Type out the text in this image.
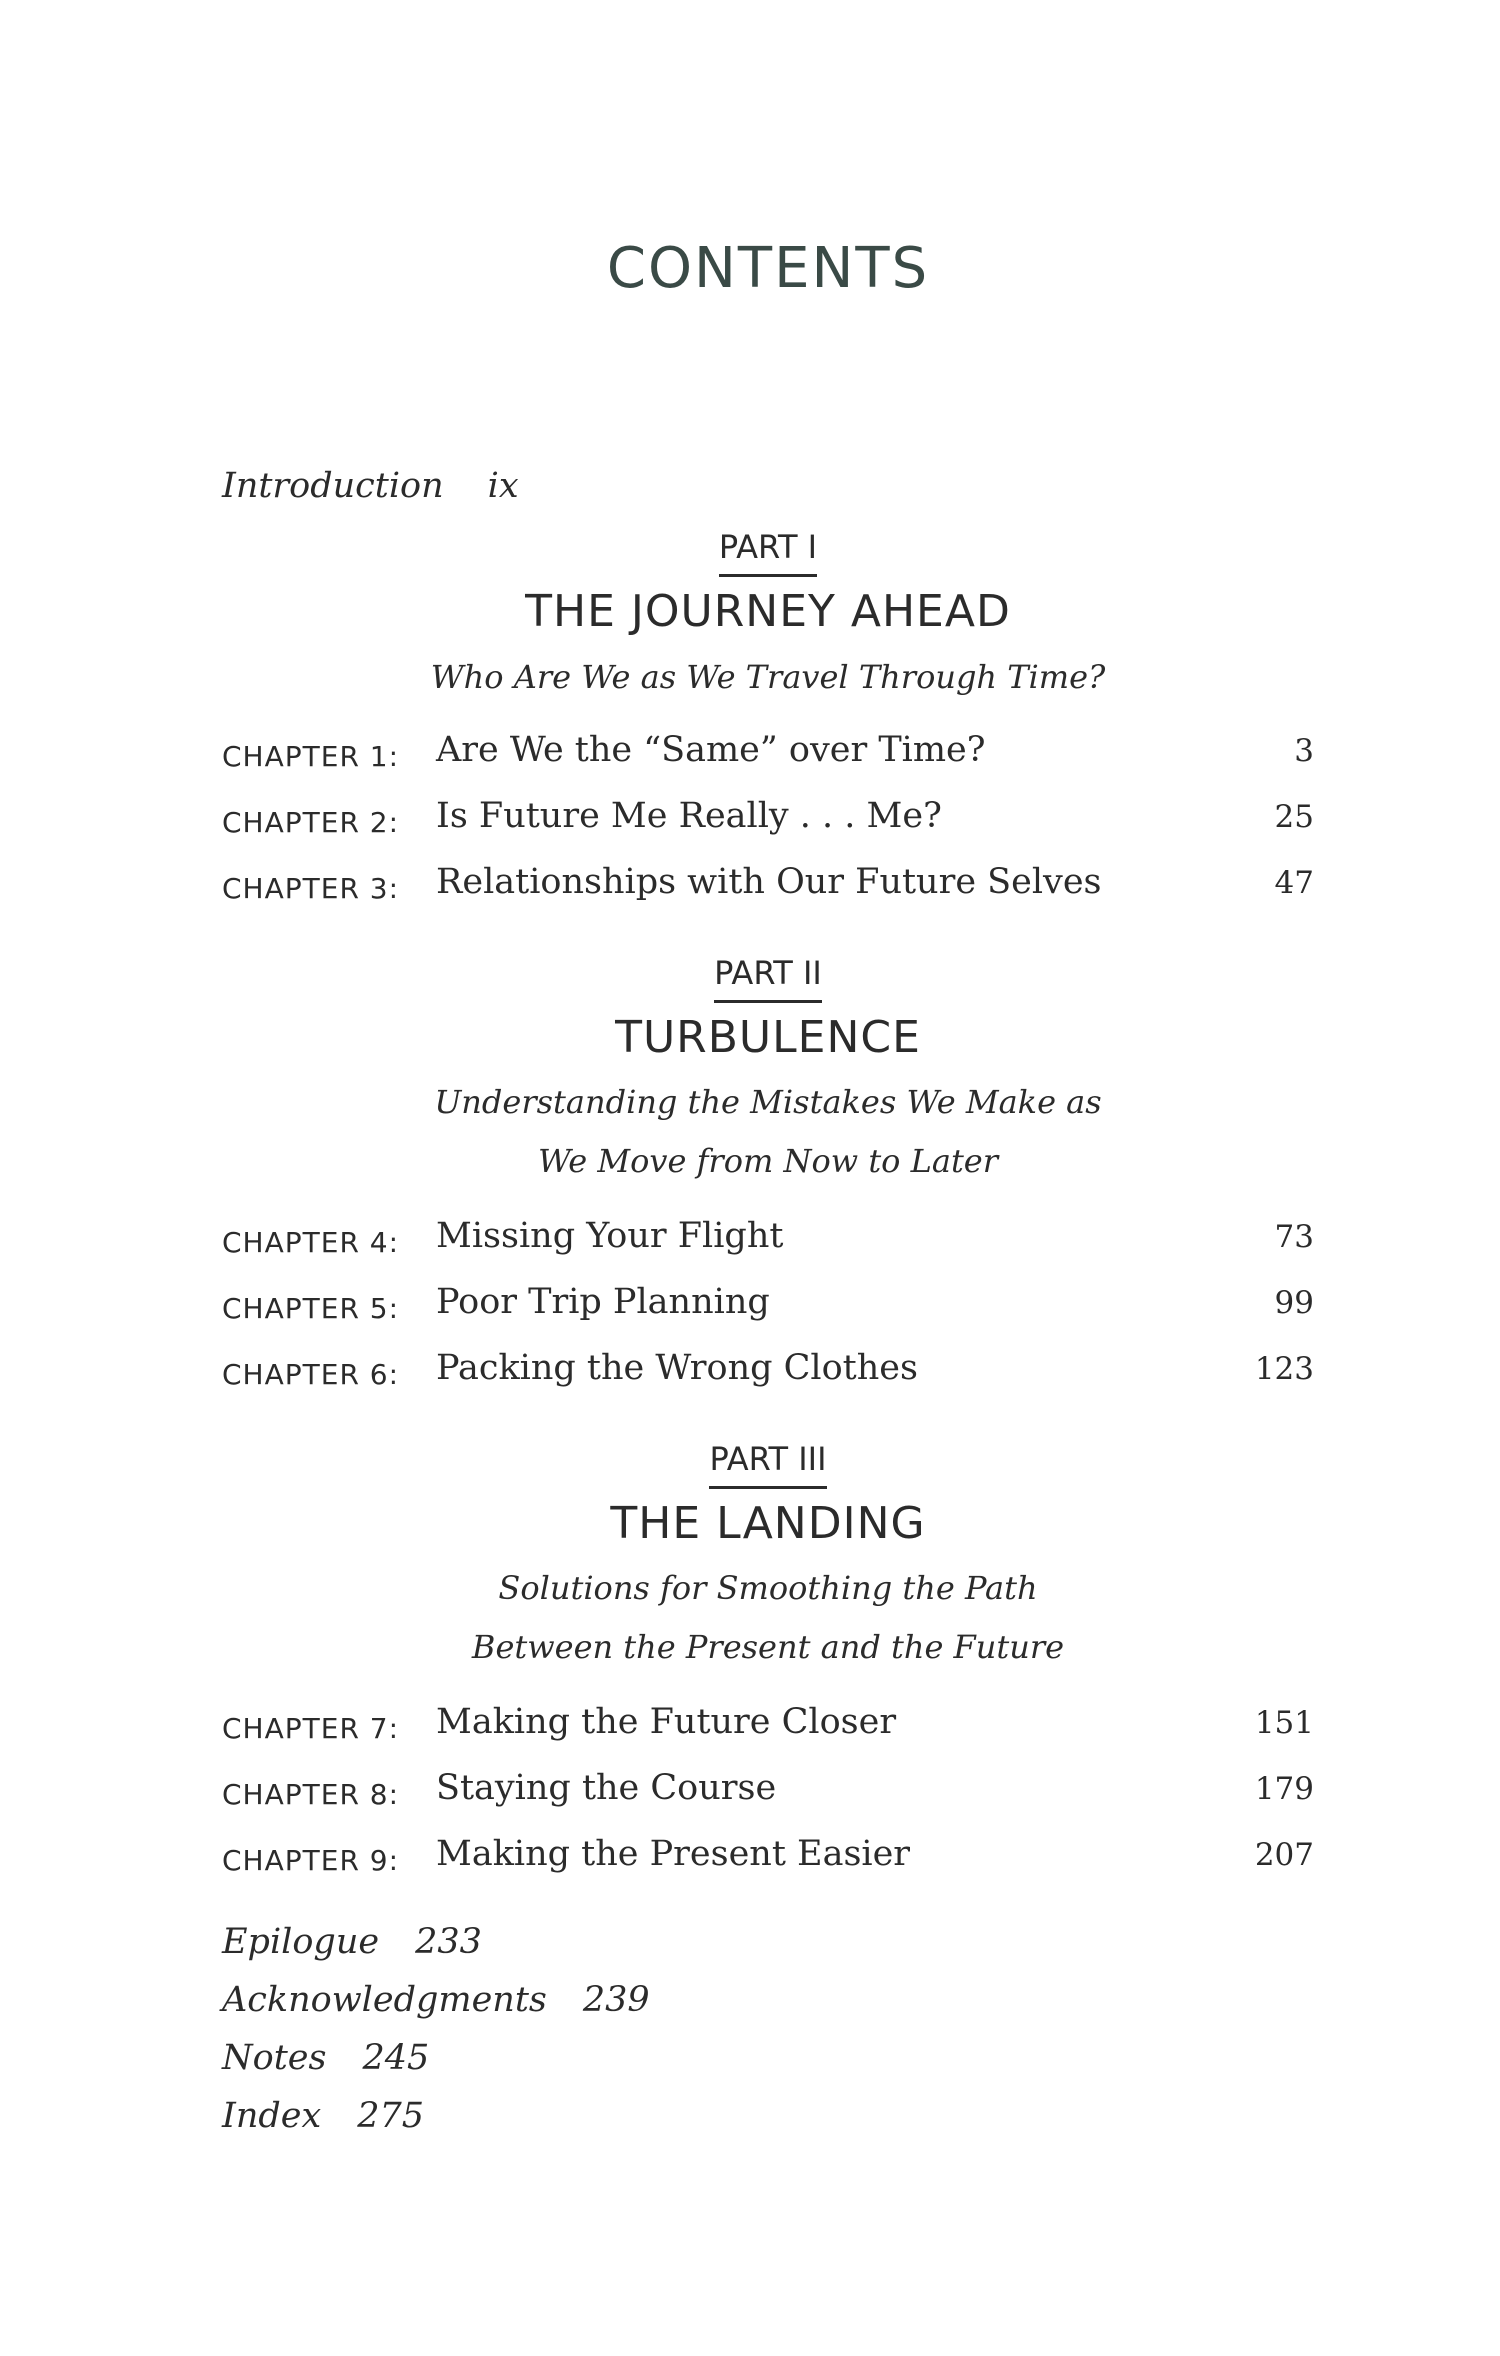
CONTENTS
Introduction ix
PART I
THE JOURNEY AHEAD
Who Are We as We Travel Through Time?
CHAPTER 1: Are We the “Same” over Time?	3
CHAPTER 2: Is Future Me Really . . . Me?	25
CHAPTER 3: Relationships with Our Future Selves	47
PART II
TURBULENCE
Understanding the Mistakes We Make as
We Move from Now to Later
CHAPTER 4: Missing Your Flight	73
CHAPTER 5: Poor Trip Planning	99
CHAPTER 6: Packing the Wrong Clothes	123
PART III
THE LANDING
Solutions for Smoothing the Path
Between the Present and the Future
CHAPTER 7: Making the Future Closer	151
CHAPTER 8: Staying the Course	179
CHAPTER 9: Making the Present Easier	207
Epilogue 233
Acknowledgments 239
Notes 245
Index 275
